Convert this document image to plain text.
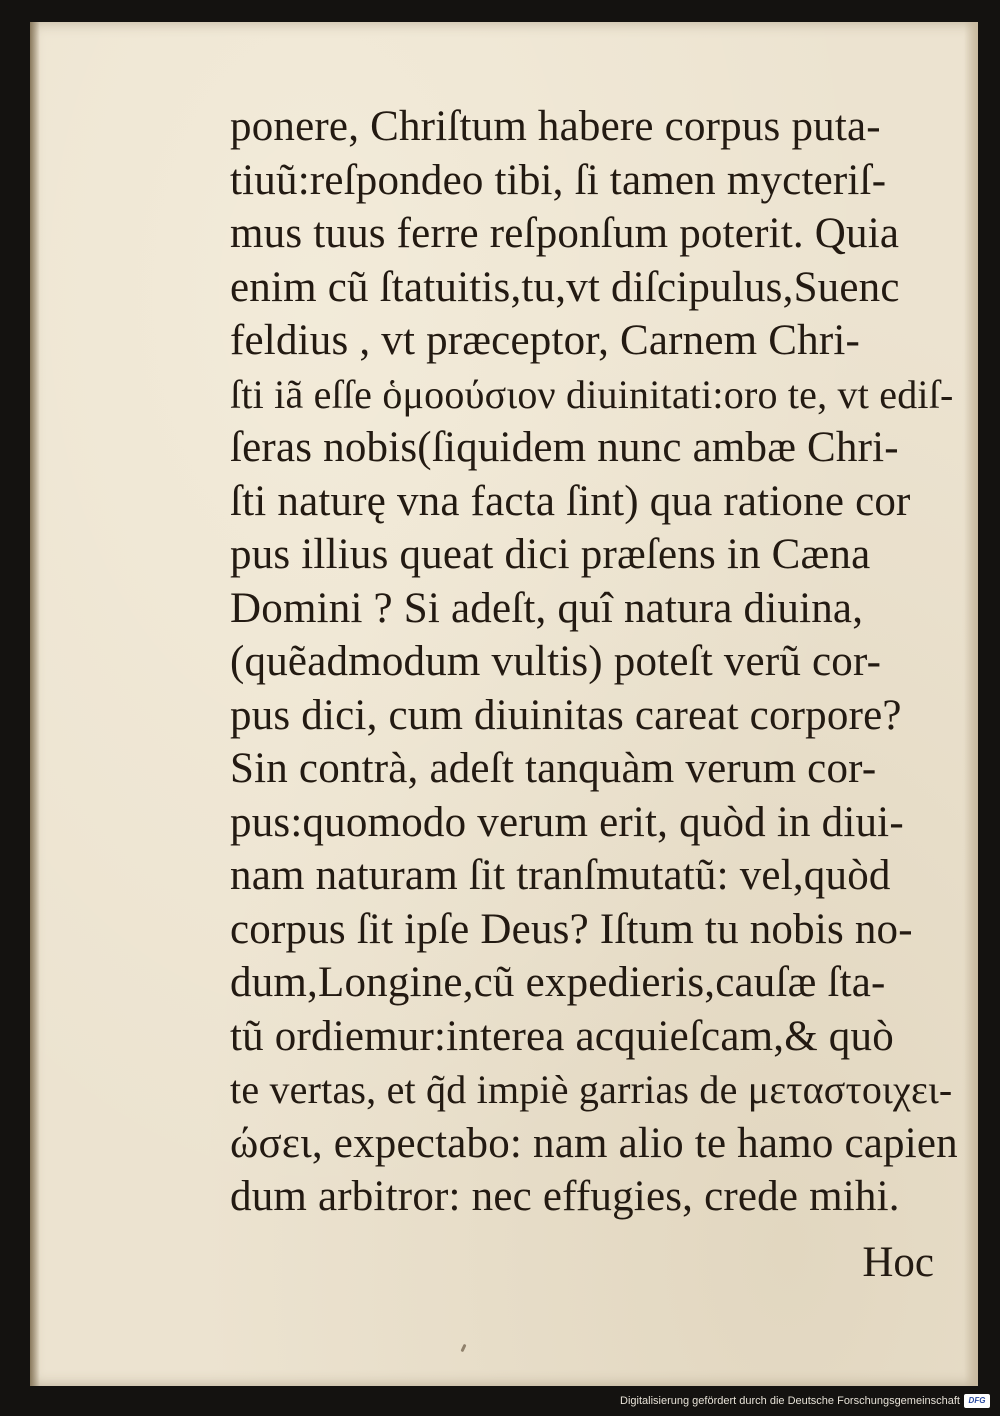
ponere, Chriſtum habere corpus puta-
tiuũ:reſpondeo tibi, ſi tamen mycteriſ-
mus tuus ferre reſponſum poterit. Quia
enim cũ ſtatuitis,tu,vt diſcipulus,Suenc
feldius , vt præceptor, Carnem Chri-
ſti iã eſſe ὁμοούσιον diuinitati:oro te, vt ediſ-
ſeras nobis(ſiquidem nunc ambæ Chri-
ſti naturę vna facta ſint) qua ratione cor
pus illius queat dici præſens in Cæna
Domini ? Si adeſt, quî natura diuina,
(quẽadmodum vultis) poteſt verũ cor-
pus dici, cum diuinitas careat corpore?
Sin contrà, adeſt tanquàm verum cor-
pus:quomodo verum erit, quòd in diui-
nam naturam ſit tranſmutatũ: vel,quòd
corpus ſit ipſe Deus? Iſtum tu nobis no-
dum,Longine,cũ expedieris,cauſæ ſta-
tũ ordiemur:interea acquieſcam,& quò
te vertas, et q̃d impiè garrias de μεταστοιχει-
ώσει, expectabo: nam alio te hamo capien
dum arbitror: nec effugies, crede mihi.
Hoc
Digitalisierung gefördert durch die Deutsche Forschungsgemeinschaft	DFG
